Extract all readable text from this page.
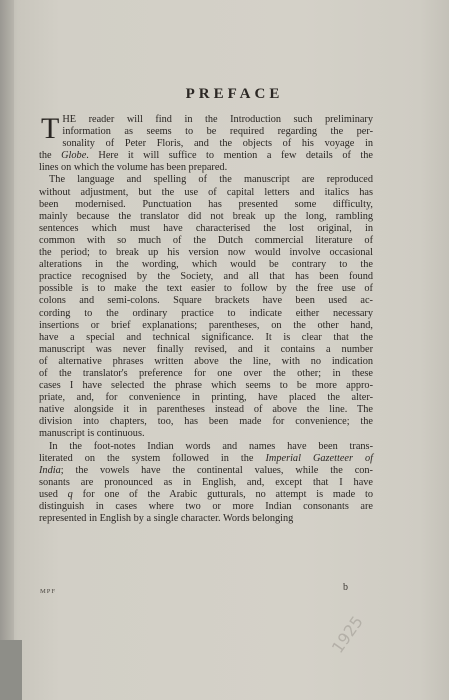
PREFACE
T HE reader will find in the Introduction such preliminary
information as seems to be required regarding the per-
sonality of Peter Floris, and the objects of his voyage in
the Globe. Here it will suffice to mention a few details of the
lines on which the volume has been prepared.
The language and spelling of the manuscript are reproduced
without adjustment, but the use of capital letters and italics has
been modernised. Punctuation has presented some difficulty,
mainly because the translator did not break up the long, rambling
sentences which must have characterised the lost original, in
common with so much of the Dutch commercial literature of
the period; to break up his version now would involve occasional
alterations in the wording, which would be contrary to the
practice recognised by the Society, and all that has been found
possible is to make the text easier to follow by the free use of
colons and semi-colons. Square brackets have been used ac-
cording to the ordinary practice to indicate either necessary
insertions or brief explanations; parentheses, on the other hand,
have a special and technical significance. It is clear that the
manuscript was never finally revised, and it contains a number
of alternative phrases written above the line, with no indication
of the translator's preference for one over the other; in these
cases I have selected the phrase which seems to be more appro-
priate, and, for convenience in printing, have placed the alter-
native alongside it in parentheses instead of above the line. The
division into chapters, too, has been made for convenience; the
manuscript is continuous.
In the foot-notes Indian words and names have been trans-
literated on the system followed in the Imperial Gazetteer of
India; the vowels have the continental values, while the con-
sonants are pronounced as in English, and, except that I have
used q for one of the Arabic gutturals, no attempt is made to
distinguish in cases where two or more Indian consonants are
represented in English by a single character. Words belonging
MPF	b
1925
